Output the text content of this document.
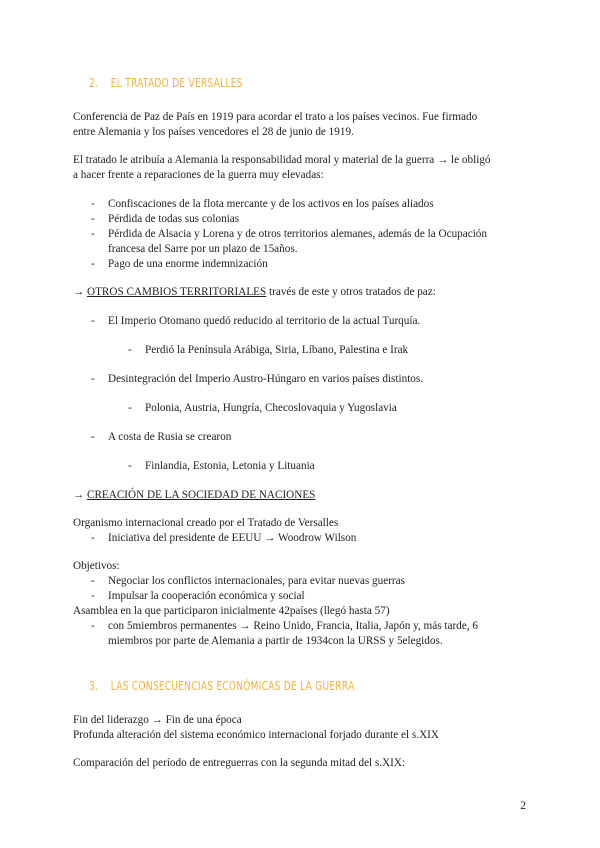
2. EL TRATADO DE VERSALLES
Conferencia de Paz de País en 1919 para acordar el trato a los países vecinos. Fue firmado
entre Alemania y los países vencedores el 28 de junio de 1919.
El tratado le atribuía a Alemania la responsabilidad moral y material de la guerra → le obligó
a hacer frente a reparaciones de la guerra muy elevadas:
- Confiscaciones de la flota mercante y de los activos en los países aliados
- Pérdida de todas sus colonias
- Pérdida de Alsacia y Lorena y de otros territorios alemanes, además de la Ocupación
francesa del Sarre por un plazo de 15años.
- Pago de una enorme indemnización
→ OTROS CAMBIOS TERRITORIALES través de este y otros tratados de paz:
- El Imperio Otomano quedó reducido al territorio de la actual Turquía.
- Perdió la Península Arábiga, Siria, Líbano, Palestina e Irak
- Desintegración del Imperio Austro-Húngaro en varios países distintos.
- Polonia, Austria, Hungría, Checoslovaquia y Yugoslavia
- A costa de Rusia se crearon
- Finlandia, Estonia, Letonia y Lituania
→ CREACIÓN DE LA SOCIEDAD DE NACIONES
Organismo internacional creado por el Tratado de Versalles
- Iniciativa del presidente de EEUU → Woodrow Wilson
Objetivos:
- Negociar los conflictos internacionales, para evitar nuevas guerras
- Impulsar la cooperación económica y social
Asamblea en la que participaron inicialmente 42países (llegó hasta 57)
- con 5miembros permanentes → Reino Unido, Francia, Italia, Japón y, más tarde, 6
miembros por parte de Alemania a partir de 1934con la URSS y 5elegidos.
3. LAS CONSECUENCIAS ECONÓMICAS DE LA GUERRA
Fin del liderazgo → Fin de una época
Profunda alteración del sistema económico internacional forjado durante el s.XIX
Comparación del período de entreguerras con la segunda mitad del s.XIX:
2
